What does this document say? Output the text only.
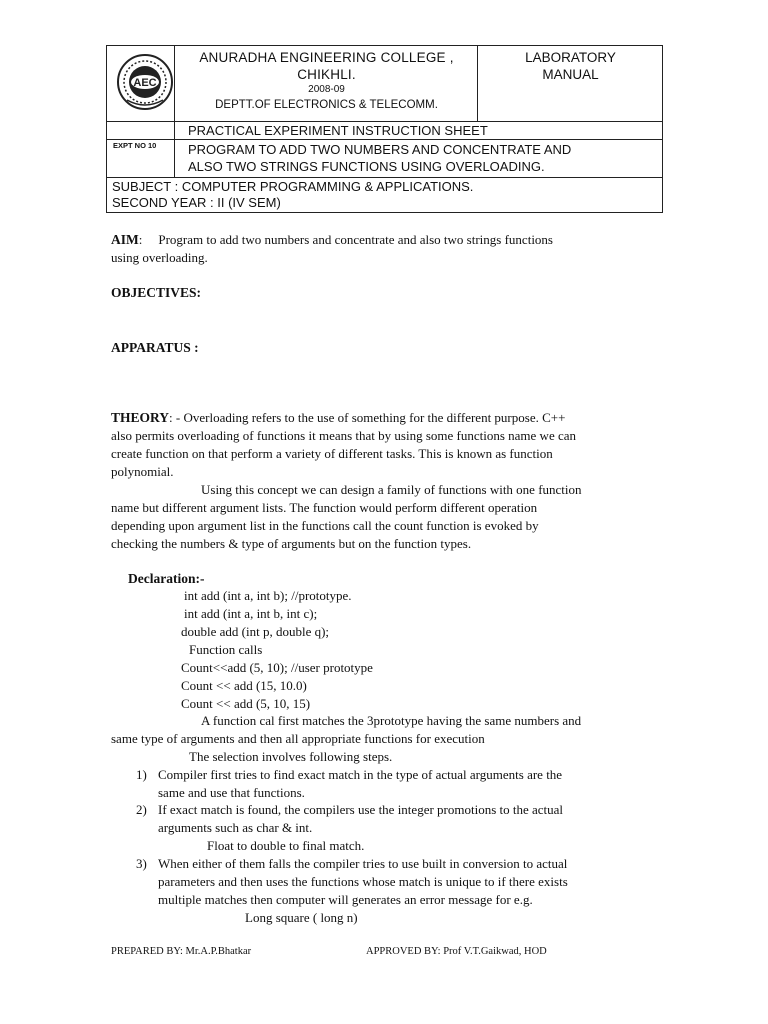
AEC
ANURADHA ENGINEERING COLLEGE ,
CHIKHLI.
2008-09
DEPTT.OF ELECTRONICS & TELECOMM.
LABORATORY
MANUAL
PRACTICAL EXPERIMENT INSTRUCTION SHEET
EXPT NO 10 PROGRAM TO ADD TWO NUMBERS AND CONCENTRATE AND
ALSO TWO STRINGS FUNCTIONS USING OVERLOADING.
SUBJECT : COMPUTER PROGRAMMING & APPLICATIONS.
SECOND YEAR : II (IV SEM)
AIM: Program to add two numbers and concentrate and also two strings functions
using overloading.
OBJECTIVES:
APPARATUS :
THEORY: - Overloading refers to the use of something for the different purpose. C++
also permits overloading of functions it means that by using some functions name we can
create function on that perform a variety of different tasks. This is known as function
polynomial.
Using this concept we can design a family of functions with one function
name but different argument lists. The function would perform different operation
depending upon argument list in the functions call the count function is evoked by
checking the numbers & type of arguments but on the function types.
Declaration:-
int add (int a, int b); //prototype.
int add (int a, int b, int c);
double add (int p, double q);
Function calls
Count<<add (5, 10); //user prototype
Count << add (15, 10.0)
Count << add (5, 10, 15)
A function cal first matches the 3prototype having the same numbers and
same type of arguments and then all appropriate functions for execution
The selection involves following steps.
1) Compiler first tries to find exact match in the type of actual arguments are the
same and use that functions.
2) If exact match is found, the compilers use the integer promotions to the actual
arguments such as char & int.
Float to double to final match.
3) When either of them falls the compiler tries to use built in conversion to actual
parameters and then uses the functions whose match is unique to if there exists
multiple matches then computer will generates an error message for e.g.
Long square ( long n)
PREPARED BY: Mr.A.P.Bhatkar	APPROVED BY: Prof V.T.Gaikwad, HOD
